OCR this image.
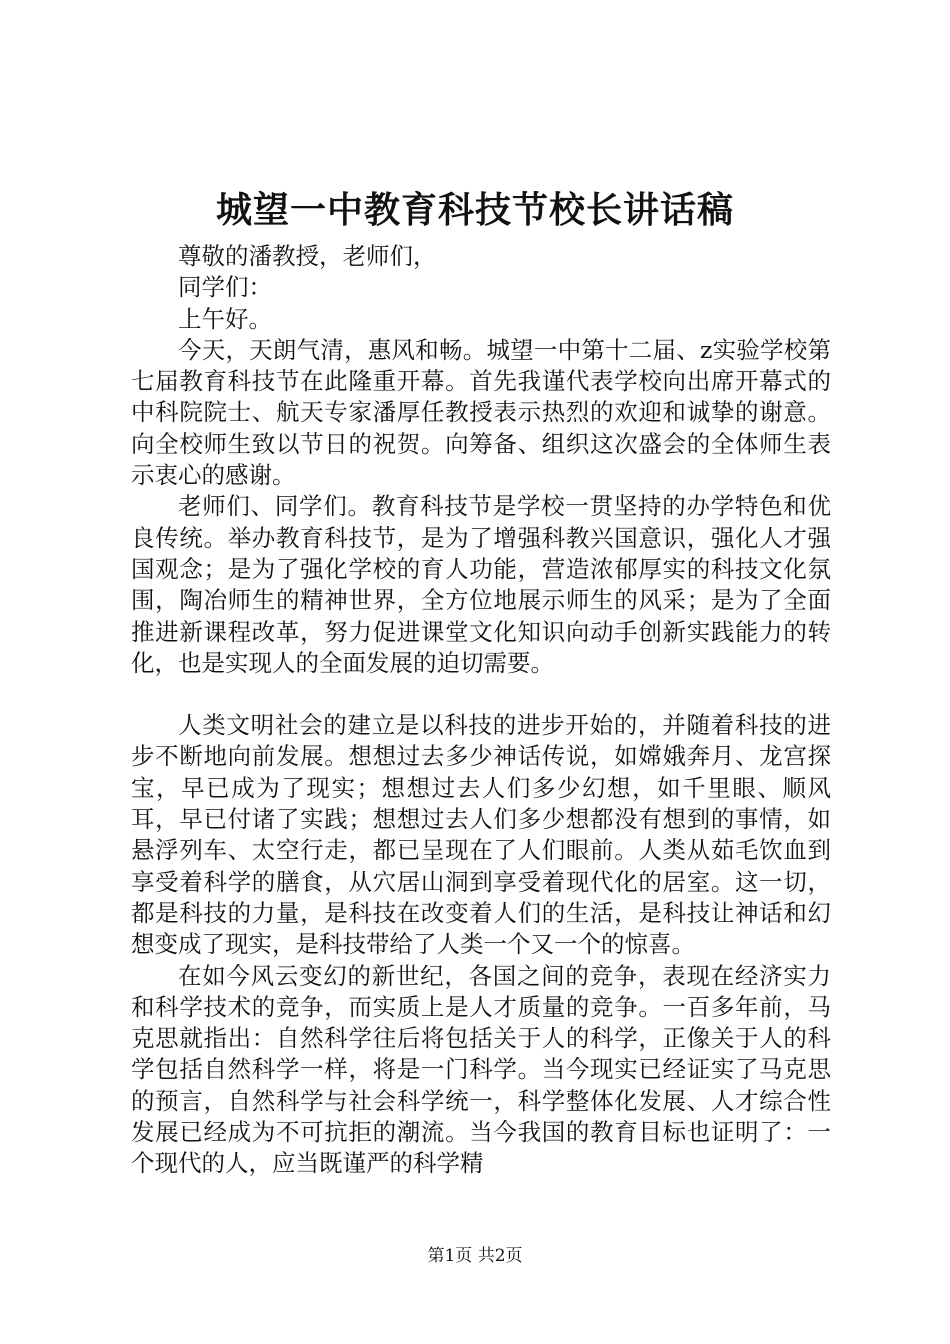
城望一中教育科技节校长讲话稿

尊敬的潘教授，老师们，

同学们：

上午好。

今天，天朗气清，惠风和畅。城望一中第十二届、z实验学校第七届教育科技节在此隆重开幕。首先我谨代表学校向出席开幕式的中科院院士、航天专家潘厚任教授表示热烈的欢迎和诚挚的谢意。向全校师生致以节日的祝贺。向筹备、组织这次盛会的全体师生表示衷心的感谢。

老师们、同学们。教育科技节是学校一贯坚持的办学特色和优良传统。举办教育科技节，是为了增强科教兴国意识，强化人才强国观念；是为了强化学校的育人功能，营造浓郁厚实的科技文化氛围，陶冶师生的精神世界，全方位地展示师生的风采；是为了全面推进新课程改革，努力促进课堂文化知识向动手创新实践能力的转化，也是实现人的全面发展的迫切需要。

人类文明社会的建立是以科技的进步开始的，并随着科技的进步不断地向前发展。想想过去多少神话传说，如嫦娥奔月、龙宫探宝，早已成为了现实；想想过去人们多少幻想，如千里眼、顺风耳，早已付诸了实践；想想过去人们多少想都没有想到的事情，如悬浮列车、太空行走，都已呈现在了人们眼前。人类从茹毛饮血到享受着科学的膳食，从穴居山洞到享受着现代化的居室。这一切，都是科技的力量，是科技在改变着人们的生活，是科技让神话和幻想变成了现实，是科技带给了人类一个又一个的惊喜。

在如今风云变幻的新世纪，各国之间的竞争，表现在经济实力和科学技术的竞争，而实质上是人才质量的竞争。一百多年前，马克思就指出：自然科学往后将包括关于人的科学，正像关于人的科学包括自然科学一样，将是一门科学。当今现实已经证实了马克思的预言，自然科学与社会科学统一，科学整体化发展、人才综合性发展已经成为不可抗拒的潮流。当今我国的教育目标也证明了：一个现代的人，应当既谨严的科学精

第1页 共2页
